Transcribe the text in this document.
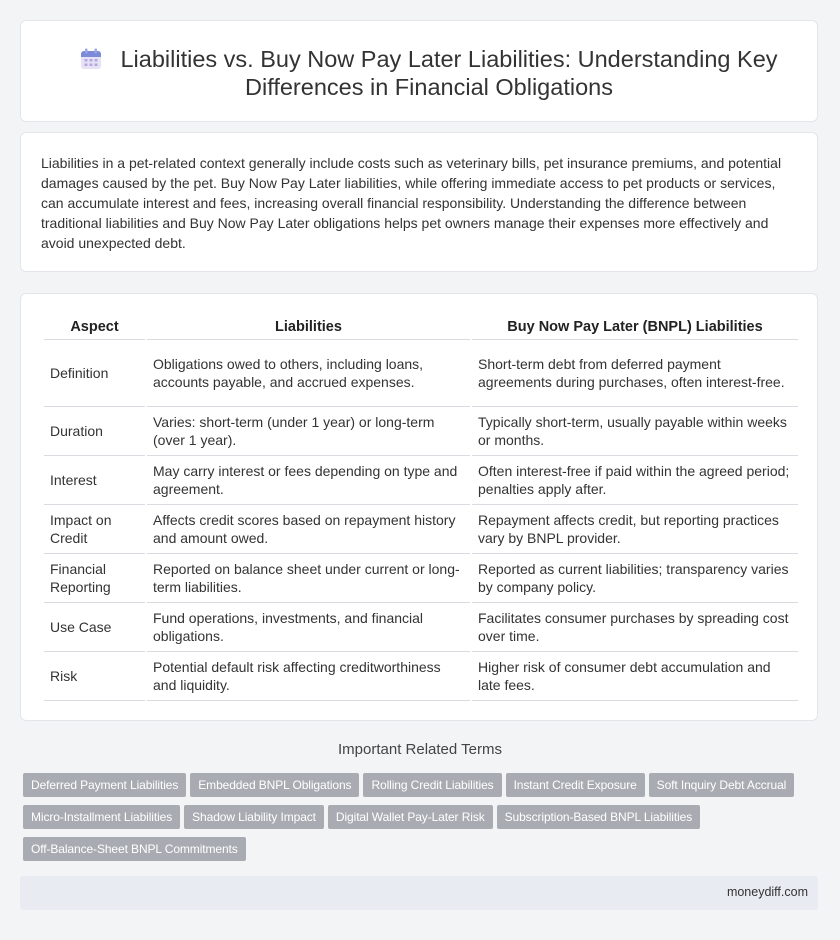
Liabilities vs. Buy Now Pay Later Liabilities: Understanding Key
Differences in Financial Obligations

Liabilities in a pet-related context generally include costs such as veterinary bills, pet insurance premiums, and potential damages caused by the pet. Buy Now Pay Later liabilities, while offering immediate access to pet products or services, can accumulate interest and fees, increasing overall financial responsibility. Understanding the difference between traditional liabilities and Buy Now Pay Later obligations helps pet owners manage their expenses more effectively and avoid unexpected debt.

Aspect	Liabilities	Buy Now Pay Later (BNPL) Liabilities
Definition	Obligations owed to others, including loans, accounts payable, and accrued expenses.	Short-term debt from deferred payment agreements during purchases, often interest-free.
Duration	Varies: short-term (under 1 year) or long-term (over 1 year).	Typically short-term, usually payable within weeks or months.
Interest	May carry interest or fees depending on type and agreement.	Often interest-free if paid within the agreed period; penalties apply after.
Impact on Credit	Affects credit scores based on repayment history and amount owed.	Repayment affects credit, but reporting practices vary by BNPL provider.
Financial Reporting	Reported on balance sheet under current or long-term liabilities.	Reported as current liabilities; transparency varies by company policy.
Use Case	Fund operations, investments, and financial obligations.	Facilitates consumer purchases by spreading cost over time.
Risk	Potential default risk affecting creditworthiness and liquidity.	Higher risk of consumer debt accumulation and late fees.
Important Related Terms
Deferred Payment Liabilities Embedded BNPL Obligations Rolling Credit Liabilities Instant Credit Exposure Soft Inquiry Debt Accrual
Micro-Installment Liabilities Shadow Liability Impact Digital Wallet Pay-Later Risk Subscription-Based BNPL Liabilities
Off-Balance-Sheet BNPL Commitments
moneydiff.com
